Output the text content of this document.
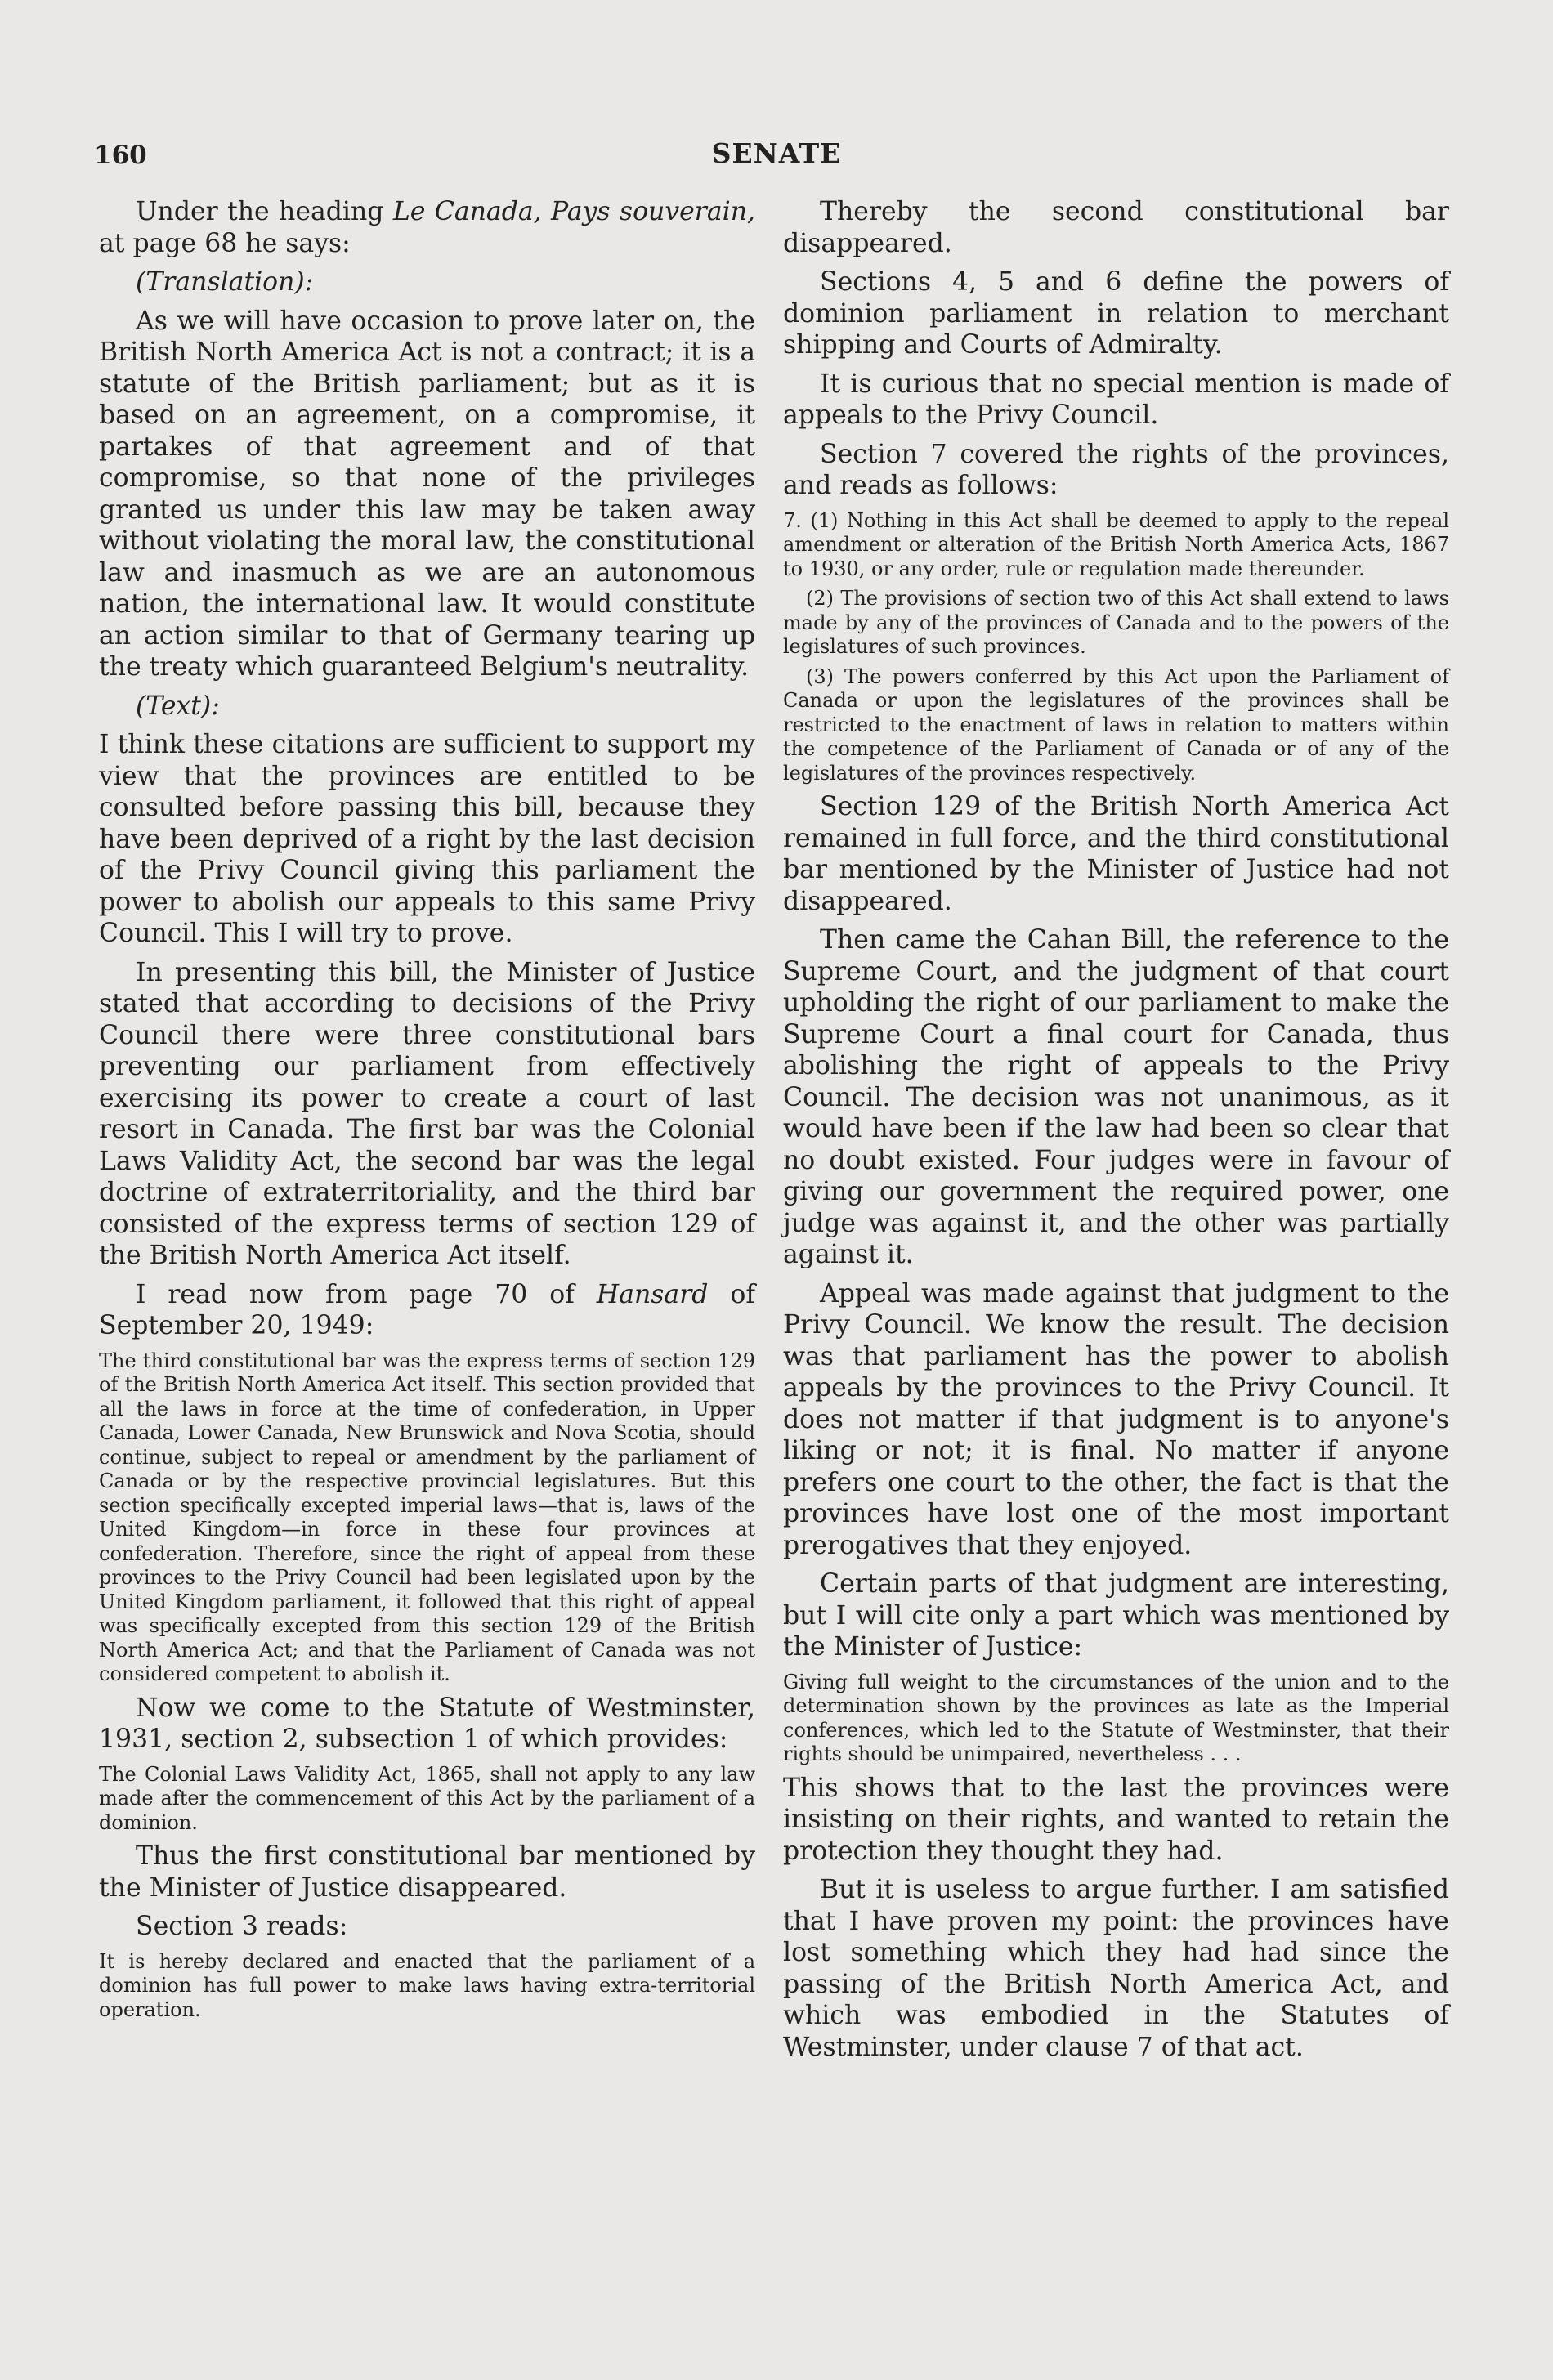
160	SENATE

Under the heading Le Canada, Pays souverain, at page 68 he says:

(Translation):

As we will have occasion to prove later on, the British North America Act is not a contract; it is a statute of the British parliament; but as it is based on an agreement, on a compromise, it partakes of that agreement and of that compromise, so that none of the privileges granted us under this law may be taken away without violating the moral law, the constitutional law and inasmuch as we are an autonomous nation, the international law. It would constitute an action similar to that of Germany tearing up the treaty which guaranteed Belgium's neutrality.

(Text):

I think these citations are sufficient to support my view that the provinces are entitled to be consulted before passing this bill, because they have been deprived of a right by the last decision of the Privy Council giving this parliament the power to abolish our appeals to this same Privy Council. This I will try to prove.

In presenting this bill, the Minister of Justice stated that according to decisions of the Privy Council there were three constitutional bars preventing our parliament from effectively exercising its power to create a court of last resort in Canada. The first bar was the Colonial Laws Validity Act, the second bar was the legal doctrine of extraterritoriality, and the third bar consisted of the express terms of section 129 of the British North America Act itself.

I read now from page 70 of Hansard of September 20, 1949:

The third constitutional bar was the express terms of section 129 of the British North America Act itself. This section provided that all the laws in force at the time of confederation, in Upper Canada, Lower Canada, New Brunswick and Nova Scotia, should continue, subject to repeal or amendment by the parliament of Canada or by the respective provincial legislatures. But this section specifically excepted imperial laws—that is, laws of the United Kingdom—in force in these four provinces at confederation. Therefore, since the right of appeal from these provinces to the Privy Council had been legislated upon by the United Kingdom parliament, it followed that this right of appeal was specifically excepted from this section 129 of the British North America Act; and that the Parliament of Canada was not considered competent to abolish it.

Now we come to the Statute of Westminster, 1931, section 2, subsection 1 of which provides:

The Colonial Laws Validity Act, 1865, shall not apply to any law made after the commencement of this Act by the parliament of a dominion.

Thus the first constitutional bar mentioned by the Minister of Justice disappeared.

Section 3 reads:

It is hereby declared and enacted that the parliament of a dominion has full power to make laws having extra-territorial operation.

Thereby the second constitutional bar disappeared.

Sections 4, 5 and 6 define the powers of dominion parliament in relation to merchant shipping and Courts of Admiralty.

It is curious that no special mention is made of appeals to the Privy Council.

Section 7 covered the rights of the provinces, and reads as follows:

7. (1) Nothing in this Act shall be deemed to apply to the repeal amendment or alteration of the British North America Acts, 1867 to 1930, or any order, rule or regulation made thereunder.

(2) The provisions of section two of this Act shall extend to laws made by any of the provinces of Canada and to the powers of the legislatures of such provinces.

(3) The powers conferred by this Act upon the Parliament of Canada or upon the legislatures of the provinces shall be restricted to the enactment of laws in relation to matters within the competence of the Parliament of Canada or of any of the legislatures of the provinces respectively.

Section 129 of the British North America Act remained in full force, and the third constitutional bar mentioned by the Minister of Justice had not disappeared.

Then came the Cahan Bill, the reference to the Supreme Court, and the judgment of that court upholding the right of our parliament to make the Supreme Court a final court for Canada, thus abolishing the right of appeals to the Privy Council. The decision was not unanimous, as it would have been if the law had been so clear that no doubt existed. Four judges were in favour of giving our government the required power, one judge was against it, and the other was partially against it.

Appeal was made against that judgment to the Privy Council. We know the result. The decision was that parliament has the power to abolish appeals by the provinces to the Privy Council. It does not matter if that judgment is to anyone's liking or not; it is final. No matter if anyone prefers one court to the other, the fact is that the provinces have lost one of the most important prerogatives that they enjoyed.

Certain parts of that judgment are interesting, but I will cite only a part which was mentioned by the Minister of Justice:

Giving full weight to the circumstances of the union and to the determination shown by the provinces as late as the Imperial conferences, which led to the Statute of Westminster, that their rights should be unimpaired, nevertheless . . .

This shows that to the last the provinces were insisting on their rights, and wanted to retain the protection they thought they had.

But it is useless to argue further. I am satisfied that I have proven my point: the provinces have lost something which they had had since the passing of the British North America Act, and which was embodied in the Statutes of Westminster, under clause 7 of that act.
